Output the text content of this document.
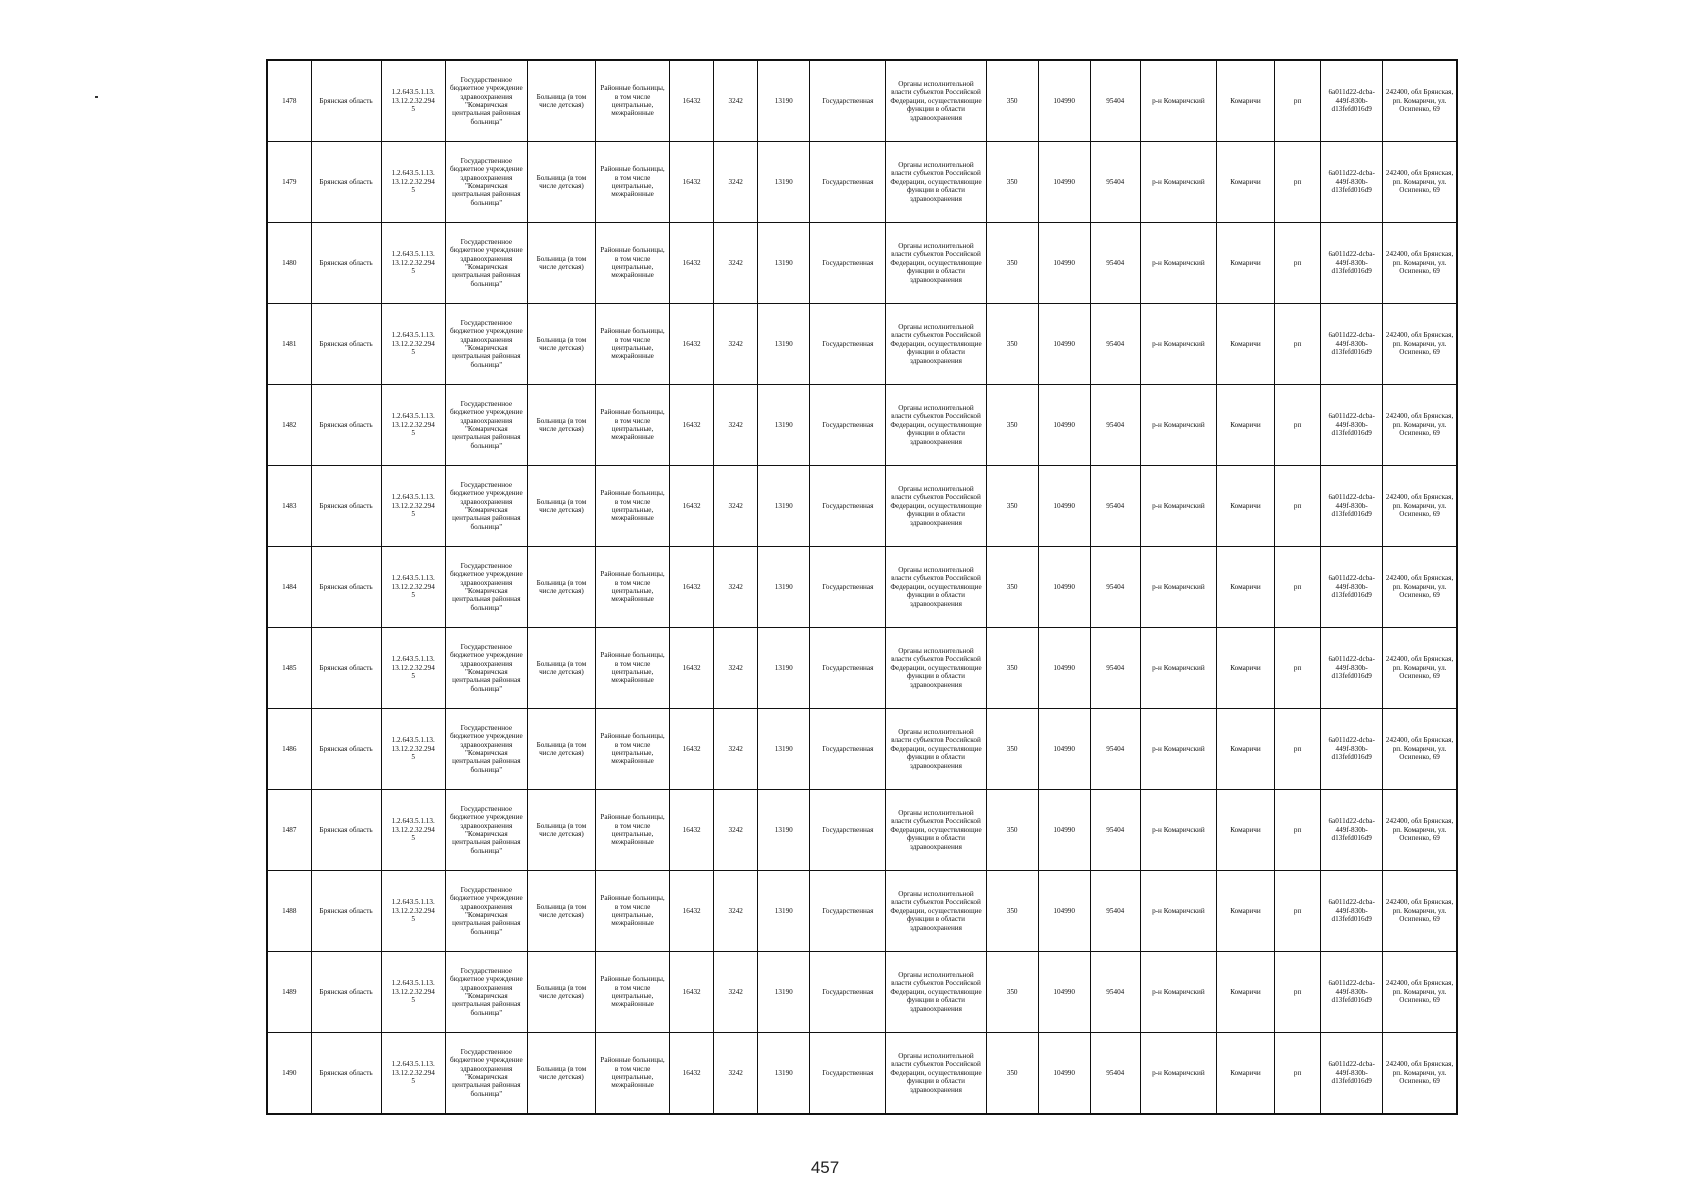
1478	Брянская область	1.2.643.5.1.13.
13.12.2.32.294
5	Государственное бюджетное учреждение здравоохранения "Комаричская центральная районная больница"	Больница (в том числе детская)	Районные больницы, в том числе центральные, межрайонные	16432	3242	13190	Государственная	Органы исполнительной власти субъектов Российской Федерации, осуществляющие функции в области здравоохранения	350	104990	95404	р-н Комаричский	Комаричи	рп	6a011d22-dcba-
449f-830b-
d13fefd016d9	242400, обл Брянская, рп. Комаричи, ул. Осипенко, 69
1479	Брянская область	1.2.643.5.1.13.
13.12.2.32.294
5	Государственное бюджетное учреждение здравоохранения "Комаричская центральная районная больница"	Больница (в том числе детская)	Районные больницы, в том числе центральные, межрайонные	16432	3242	13190	Государственная	Органы исполнительной власти субъектов Российской Федерации, осуществляющие функции в области здравоохранения	350	104990	95404	р-н Комаричский	Комаричи	рп	6a011d22-dcba-
449f-830b-
d13fefd016d9	242400, обл Брянская, рп. Комаричи, ул. Осипенко, 69
1480	Брянская область	1.2.643.5.1.13.
13.12.2.32.294
5	Государственное бюджетное учреждение здравоохранения "Комаричская центральная районная больница"	Больница (в том числе детская)	Районные больницы, в том числе центральные, межрайонные	16432	3242	13190	Государственная	Органы исполнительной власти субъектов Российской Федерации, осуществляющие функции в области здравоохранения	350	104990	95404	р-н Комаричский	Комаричи	рп	6a011d22-dcba-
449f-830b-
d13fefd016d9	242400, обл Брянская, рп. Комаричи, ул. Осипенко, 69
1481	Брянская область	1.2.643.5.1.13.
13.12.2.32.294
5	Государственное бюджетное учреждение здравоохранения "Комаричская центральная районная больница"	Больница (в том числе детская)	Районные больницы, в том числе центральные, межрайонные	16432	3242	13190	Государственная	Органы исполнительной власти субъектов Российской Федерации, осуществляющие функции в области здравоохранения	350	104990	95404	р-н Комаричский	Комаричи	рп	6a011d22-dcba-
449f-830b-
d13fefd016d9	242400, обл Брянская, рп. Комаричи, ул. Осипенко, 69
1482	Брянская область	1.2.643.5.1.13.
13.12.2.32.294
5	Государственное бюджетное учреждение здравоохранения "Комаричская центральная районная больница"	Больница (в том числе детская)	Районные больницы, в том числе центральные, межрайонные	16432	3242	13190	Государственная	Органы исполнительной власти субъектов Российской Федерации, осуществляющие функции в области здравоохранения	350	104990	95404	р-н Комаричский	Комаричи	рп	6a011d22-dcba-
449f-830b-
d13fefd016d9	242400, обл Брянская, рп. Комаричи, ул. Осипенко, 69
1483	Брянская область	1.2.643.5.1.13.
13.12.2.32.294
5	Государственное бюджетное учреждение здравоохранения "Комаричская центральная районная больница"	Больница (в том числе детская)	Районные больницы, в том числе центральные, межрайонные	16432	3242	13190	Государственная	Органы исполнительной власти субъектов Российской Федерации, осуществляющие функции в области здравоохранения	350	104990	95404	р-н Комаричский	Комаричи	рп	6a011d22-dcba-
449f-830b-
d13fefd016d9	242400, обл Брянская, рп. Комаричи, ул. Осипенко, 69
1484	Брянская область	1.2.643.5.1.13.
13.12.2.32.294
5	Государственное бюджетное учреждение здравоохранения "Комаричская центральная районная больница"	Больница (в том числе детская)	Районные больницы, в том числе центральные, межрайонные	16432	3242	13190	Государственная	Органы исполнительной власти субъектов Российской Федерации, осуществляющие функции в области здравоохранения	350	104990	95404	р-н Комаричский	Комаричи	рп	6a011d22-dcba-
449f-830b-
d13fefd016d9	242400, обл Брянская, рп. Комаричи, ул. Осипенко, 69
1485	Брянская область	1.2.643.5.1.13.
13.12.2.32.294
5	Государственное бюджетное учреждение здравоохранения "Комаричская центральная районная больница"	Больница (в том числе детская)	Районные больницы, в том числе центральные, межрайонные	16432	3242	13190	Государственная	Органы исполнительной власти субъектов Российской Федерации, осуществляющие функции в области здравоохранения	350	104990	95404	р-н Комаричский	Комаричи	рп	6a011d22-dcba-
449f-830b-
d13fefd016d9	242400, обл Брянская, рп. Комаричи, ул. Осипенко, 69
1486	Брянская область	1.2.643.5.1.13.
13.12.2.32.294
5	Государственное бюджетное учреждение здравоохранения "Комаричская центральная районная больница"	Больница (в том числе детская)	Районные больницы, в том числе центральные, межрайонные	16432	3242	13190	Государственная	Органы исполнительной власти субъектов Российской Федерации, осуществляющие функции в области здравоохранения	350	104990	95404	р-н Комаричский	Комаричи	рп	6a011d22-dcba-
449f-830b-
d13fefd016d9	242400, обл Брянская, рп. Комаричи, ул. Осипенко, 69
1487	Брянская область	1.2.643.5.1.13.
13.12.2.32.294
5	Государственное бюджетное учреждение здравоохранения "Комаричская центральная районная больница"	Больница (в том числе детская)	Районные больницы, в том числе центральные, межрайонные	16432	3242	13190	Государственная	Органы исполнительной власти субъектов Российской Федерации, осуществляющие функции в области здравоохранения	350	104990	95404	р-н Комаричский	Комаричи	рп	6a011d22-dcba-
449f-830b-
d13fefd016d9	242400, обл Брянская, рп. Комаричи, ул. Осипенко, 69
1488	Брянская область	1.2.643.5.1.13.
13.12.2.32.294
5	Государственное бюджетное учреждение здравоохранения "Комаричская центральная районная больница"	Больница (в том числе детская)	Районные больницы, в том числе центральные, межрайонные	16432	3242	13190	Государственная	Органы исполнительной власти субъектов Российской Федерации, осуществляющие функции в области здравоохранения	350	104990	95404	р-н Комаричский	Комаричи	рп	6a011d22-dcba-
449f-830b-
d13fefd016d9	242400, обл Брянская, рп. Комаричи, ул. Осипенко, 69
1489	Брянская область	1.2.643.5.1.13.
13.12.2.32.294
5	Государственное бюджетное учреждение здравоохранения "Комаричская центральная районная больница"	Больница (в том числе детская)	Районные больницы, в том числе центральные, межрайонные	16432	3242	13190	Государственная	Органы исполнительной власти субъектов Российской Федерации, осуществляющие функции в области здравоохранения	350	104990	95404	р-н Комаричский	Комаричи	рп	6a011d22-dcba-
449f-830b-
d13fefd016d9	242400, обл Брянская, рп. Комаричи, ул. Осипенко, 69
1490	Брянская область	1.2.643.5.1.13.
13.12.2.32.294
5	Государственное бюджетное учреждение здравоохранения "Комаричская центральная районная больница"	Больница (в том числе детская)	Районные больницы, в том числе центральные, межрайонные	16432	3242	13190	Государственная	Органы исполнительной власти субъектов Российской Федерации, осуществляющие функции в области здравоохранения	350	104990	95404	р-н Комаричский	Комаричи	рп	6a011d22-dcba-
449f-830b-
d13fefd016d9	242400, обл Брянская, рп. Комаричи, ул. Осипенко, 69
457
